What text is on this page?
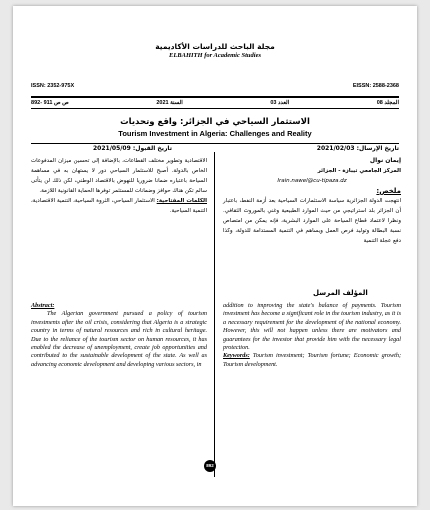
مجلة الباحث للدراسات الأكاديمية
ELBAHITH for Academic Studies
ISSN: 2352-975X	EISSN: 2588-2368
المجلد 08
العدد 03
السنة 2021
ص ص 911 -892
الاستثمار السياحي في الجزائر: واقع وتحديات
Tourism Investment in Algeria: Challenges and Reality
تاريخ الإرسال: 2021/02/03
تاريخ القبول: 2021/05/09

إيمان نوال

المركز الجامعي تيبازة - الجزائر

Irain.nawel@cu-tipaza.dz

ملخص:

انتهجت الدولة الجزائرية سياسة الاستثمارات السياحية بعد أزمة النفط، باعتبار أن الجزائر بلد استراتيجي من حيث الموارد الطبيعية وغني بالموروث الثقافي. ونظرا لاعتماد قطاع السياحة على الموارد البشرية، فإنه يمكن من امتصاص نسبة البطالة وتوليد فرص العمل ويساهم في التنمية المستدامة للدولة، وكذا دفع عجلة التنمية

الاقتصادية وتطوير مختلف القطاعات، بالإضافة إلى تحسين ميزان المدفوعات الخاص بالدولة. أصبح للاستثمار السياحي دور لا يستهان به في مساهمة السياحة باعتباره ضمانا ضروريا للنهوض بالاقتصاد الوطني، لكن ذلك لن يتأتى سالم تكن هناك حوافز وضمانات للمستثمر توفرها الحماية القانونية اللازمة.

الكلمات المفتاحية: الاستثمار السياحي، الثروة السياحية، التنمية الاقتصادية، التنمية السياحية.

المؤلف المرسل

Abstract:

The Algerian government pursued a policy of tourism investments after the oil crisis, considering that Algeria is a strategic country in terms of natural resources and rich in cultural heritage. Due to the reliance of the tourism sector on human resources, it has enabled the decrease of unemployment, create job opportunities and contributed to the sustainable development of the state. As well as advancing economic development and developing various sectors, in

addition to improving the state's balance of payments. Tourism investment has become a significant role in the tourism industry, as it is a necessary requirement for the development of the national economy. However, this will not happen unless there are motivators and guarantees for the investor that provide him with the necessary legal protection.

Keywords: Tourism investment; Tourism fortune; Economic growth; Tourism development.

892
